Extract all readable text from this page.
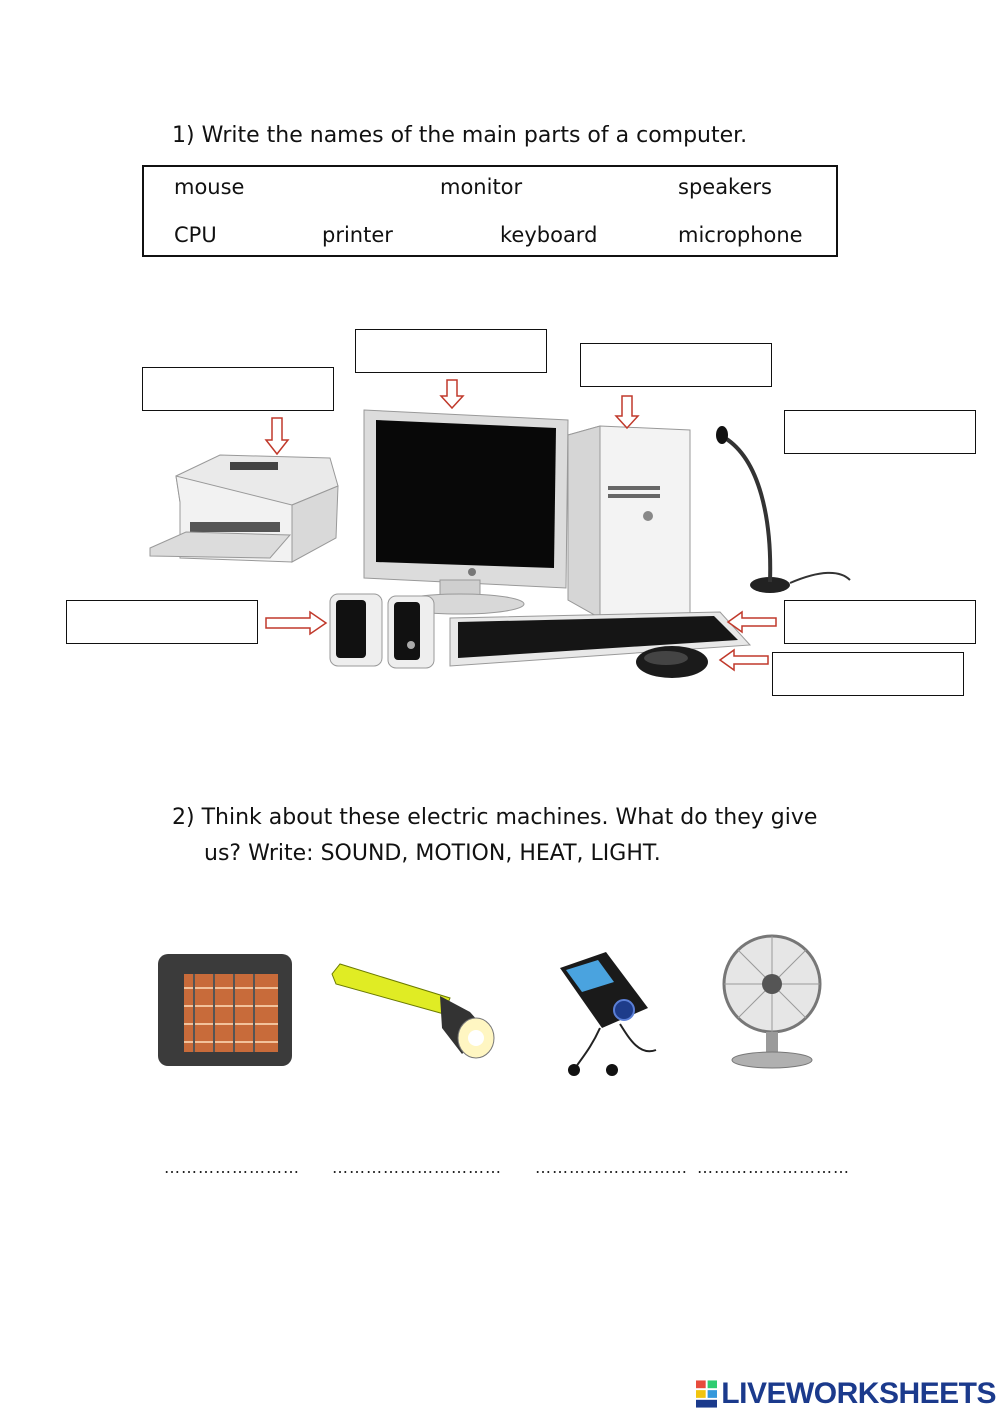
1) Write the names of the main parts of a computer.
mouse	monitor	speakers
CPU	printer	keyboard	microphone
2) Think about these electric machines. What do they give
us? Write: SOUND, MOTION, HEAT, LIGHT.
…………………… ………………………… ……………………… ………………………
LIVEWORKSHEETS
